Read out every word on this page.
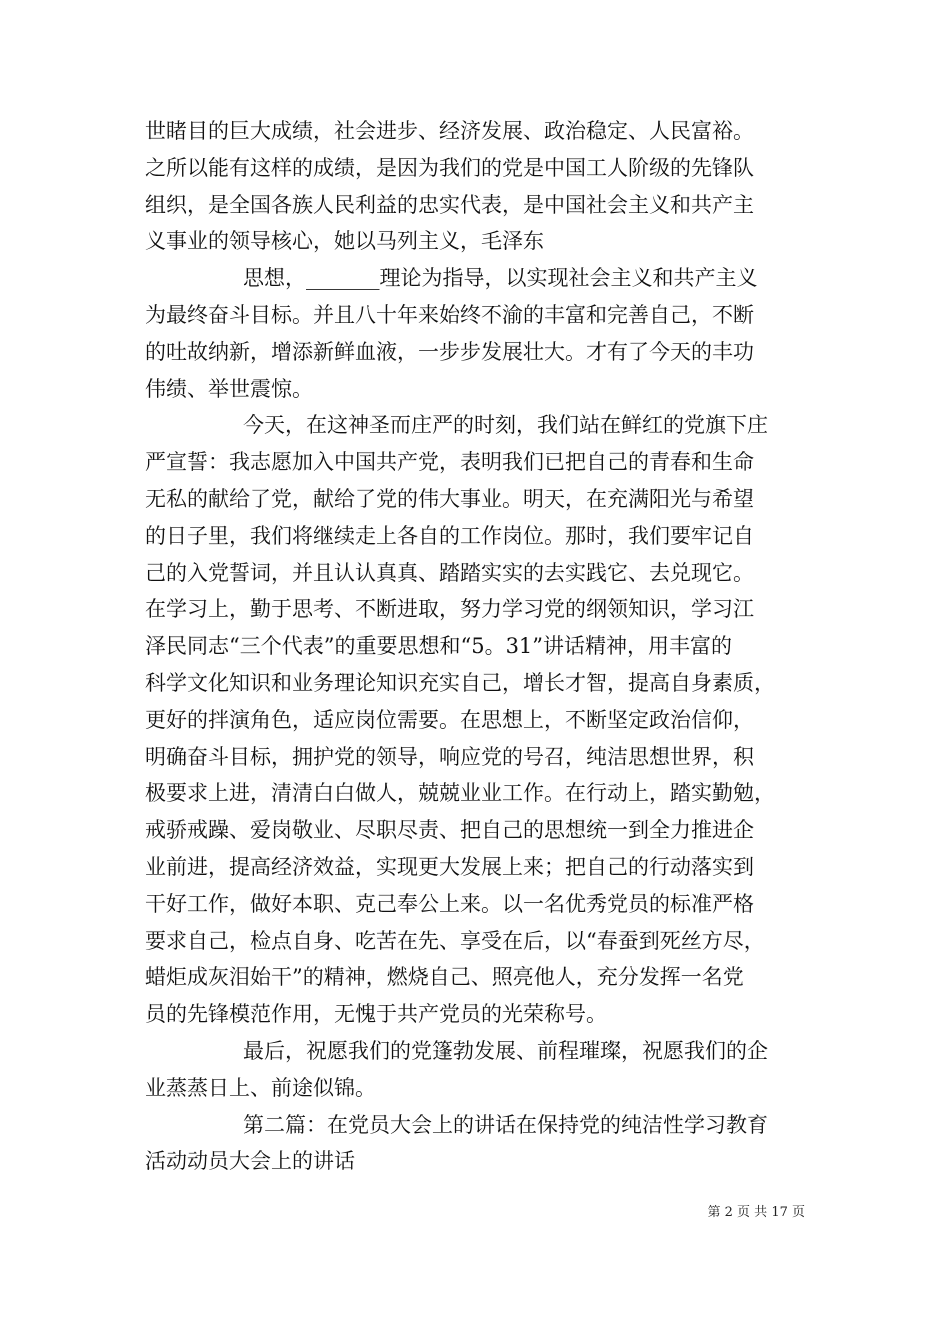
世睹目的巨大成绩，社会进步、经济发展、政治稳定、人民富裕。
之所以能有这样的成绩，是因为我们的党是中国工人阶级的先锋队
组织，是全国各族人民利益的忠实代表，是中国社会主义和共产主
义事业的领导核心，她以马列主义，毛泽东
思想，_______理论为指导，以实现社会主义和共产主义
为最终奋斗目标。并且八十年来始终不渝的丰富和完善自己，不断
的吐故纳新，增添新鲜血液，一步步发展壮大。才有了今天的丰功
伟绩、举世震惊。
今天，在这神圣而庄严的时刻，我们站在鲜红的党旗下庄
严宣誓：我志愿加入中国共产党，表明我们已把自己的青春和生命
无私的献给了党，献给了党的伟大事业。明天，在充满阳光与希望
的日子里，我们将继续走上各自的工作岗位。那时，我们要牢记自
己的入党誓词，并且认认真真、踏踏实实的去实践它、去兑现它。
在学习上，勤于思考、不断进取，努力学习党的纲领知识，学习江
泽民同志“三个代表”的重要思想和“5。31”讲话精神，用丰富的
科学文化知识和业务理论知识充实自己，增长才智，提高自身素质，
更好的拌演角色，适应岗位需要。在思想上，不断坚定政治信仰，
明确奋斗目标，拥护党的领导，响应党的号召，纯洁思想世界，积
极要求上进，清清白白做人，兢兢业业工作。在行动上，踏实勤勉，
戒骄戒躁、爱岗敬业、尽职尽责、把自己的思想统一到全力推进企
业前进，提高经济效益，实现更大发展上来；把自己的行动落实到
干好工作，做好本职、克己奉公上来。以一名优秀党员的标准严格
要求自己，检点自身、吃苦在先、享受在后，以“春蚕到死丝方尽，
蜡炬成灰泪始干”的精神，燃烧自己、照亮他人，充分发挥一名党
员的先锋模范作用，无愧于共产党员的光荣称号。
最后，祝愿我们的党篷勃发展、前程璀璨，祝愿我们的企
业蒸蒸日上、前途似锦。
第二篇：在党员大会上的讲话在保持党的纯洁性学习教育
活动动员大会上的讲话
第 2 页 共 17 页
